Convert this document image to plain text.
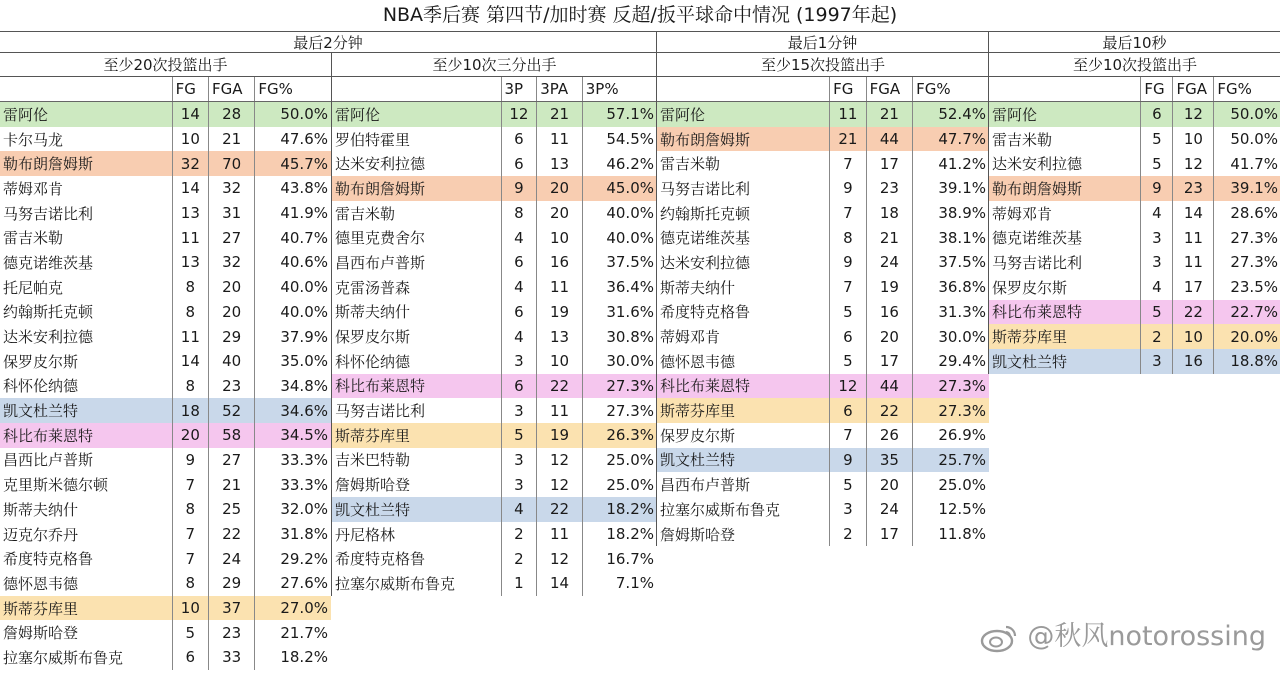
NBA季后赛 第四节/加时赛 反超/扳平球命中情况 (1997年起)
最后2分钟	最后1分钟	最后10秒
至少20次投篮出手
	FG	FGA	FG%
雷阿伦	14	28	50.0%
卡尔马龙	10	21	47.6%
勒布朗詹姆斯	32	70	45.7%
蒂姆邓肯	14	32	43.8%
马努吉诺比利	13	31	41.9%
雷吉米勒	11	27	40.7%
德克诺维茨基	13	32	40.6%
托尼帕克	8	20	40.0%
约翰斯托克顿	8	20	40.0%
达米安利拉德	11	29	37.9%
保罗皮尔斯	14	40	35.0%
科怀伦纳德	8	23	34.8%
凯文杜兰特	18	52	34.6%
科比布莱恩特	20	58	34.5%
昌西比卢普斯	9	27	33.3%
克里斯米德尔顿	7	21	33.3%
斯蒂夫纳什	8	25	32.0%
迈克尔乔丹	7	22	31.8%
希度特克格鲁	7	24	29.2%
德怀恩韦德	8	29	27.6%
斯蒂芬库里	10	37	27.0%
詹姆斯哈登	5	23	21.7%
拉塞尔威斯布鲁克	6	33	18.2%
至少10次三分出手
	3P	3PA	3P%
雷阿伦	12	21	57.1%
罗伯特霍里	6	11	54.5%
达米安利拉德	6	13	46.2%
勒布朗詹姆斯	9	20	45.0%
雷吉米勒	8	20	40.0%
德里克费舍尔	4	10	40.0%
昌西布卢普斯	6	16	37.5%
克雷汤普森	4	11	36.4%
斯蒂夫纳什	6	19	31.6%
保罗皮尔斯	4	13	30.8%
科怀伦纳德	3	10	30.0%
科比布莱恩特	6	22	27.3%
马努吉诺比利	3	11	27.3%
斯蒂芬库里	5	19	26.3%
吉米巴特勒	3	12	25.0%
詹姆斯哈登	3	12	25.0%
凯文杜兰特	4	22	18.2%
丹尼格林	2	11	18.2%
希度特克格鲁	2	12	16.7%
拉塞尔威斯布鲁克	1	14	7.1%
至少15次投篮出手
	FG	FGA	FG%
雷阿伦	11	21	52.4%
勒布朗詹姆斯	21	44	47.7%
雷吉米勒	7	17	41.2%
马努吉诺比利	9	23	39.1%
约翰斯托克顿	7	18	38.9%
德克诺维茨基	8	21	38.1%
达米安利拉德	9	24	37.5%
斯蒂夫纳什	7	19	36.8%
希度特克格鲁	5	16	31.3%
蒂姆邓肯	6	20	30.0%
德怀恩韦德	5	17	29.4%
科比布莱恩特	12	44	27.3%
斯蒂芬库里	6	22	27.3%
保罗皮尔斯	7	26	26.9%
凯文杜兰特	9	35	25.7%
昌西布卢普斯	5	20	25.0%
拉塞尔威斯布鲁克	3	24	12.5%
詹姆斯哈登	2	17	11.8%
至少10次投篮出手
	FG	FGA	FG%
雷阿伦	6	12	50.0%
雷吉米勒	5	10	50.0%
达米安利拉德	5	12	41.7%
勒布朗詹姆斯	9	23	39.1%
蒂姆邓肯	4	14	28.6%
德克诺维茨基	3	11	27.3%
马努吉诺比利	3	11	27.3%
保罗皮尔斯	4	17	23.5%
科比布莱恩特	5	22	22.7%
斯蒂芬库里	2	10	20.0%
凯文杜兰特	3	16	18.8%
@秋风notorossing
